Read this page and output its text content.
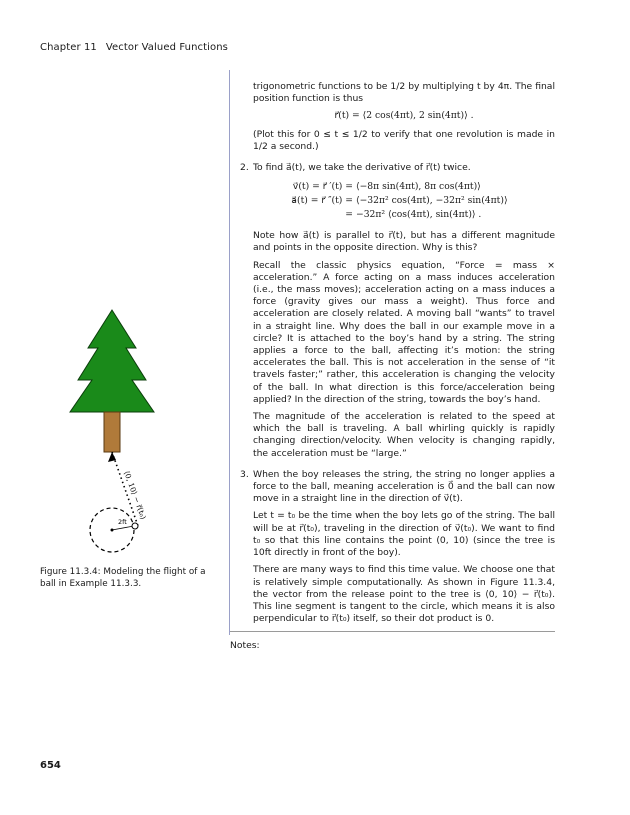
Chapter 11 Vector Valued Functions
⟨0, 10⟩ − r⃗(t₀)
2ft
Figure 11.3.4: Modeling the flight of a ball in Example 11.3.3.

trigonometric functions to be 1/2 by multiplying t by 4π. The final position function is thus

r⃗(t) = ⟨2 cos(4πt), 2 sin(4πt)⟩ .

(Plot this for 0 ≤ t ≤ 1/2 to verify that one revolution is made in 1/2 a second.)

2. To find a⃗(t), we take the derivative of r⃗(t) twice.

v⃗(t) = r⃗ ′(t) = ⟨−8π sin(4πt), 8π cos(4πt)⟩
a⃗(t) = r⃗ ″(t) = ⟨−32π² cos(4πt), −32π² sin(4πt)⟩
= −32π² ⟨cos(4πt), sin(4πt)⟩ .

Note how a⃗(t) is parallel to r⃗(t), but has a different magnitude and points in the opposite direction. Why is this?

Recall the classic physics equation, “Force = mass × acceleration.” A force acting on a mass induces acceleration (i.e., the mass moves); acceleration acting on a mass induces a force (gravity gives our mass a weight). Thus force and acceleration are closely related. A moving ball “wants” to travel in a straight line. Why does the ball in our example move in a circle? It is attached to the boy’s hand by a string. The string applies a force to the ball, affecting it’s motion: the string accelerates the ball. This is not acceleration in the sense of “it travels faster;” rather, this acceleration is changing the velocity of the ball. In what direction is this force/acceleration being applied? In the direction of the string, towards the boy’s hand.

The magnitude of the acceleration is related to the speed at which the ball is traveling. A ball whirling quickly is rapidly changing direction/velocity. When velocity is changing rapidly, the acceleration must be “large.”

3. When the boy releases the string, the string no longer applies a force to the ball, meaning acceleration is 0⃗ and the ball can now move in a straight line in the direction of v⃗(t).

Let t = t₀ be the time when the boy lets go of the string. The ball will be at r⃗(t₀), traveling in the direction of v⃗(t₀). We want to find t₀ so that this line contains the point (0, 10) (since the tree is 10ft directly in front of the boy).

There are many ways to find this time value. We choose one that is relatively simple computationally. As shown in Figure 11.3.4, the vector from the release point to the tree is ⟨0, 10⟩ − r⃗(t₀). This line segment is tangent to the circle, which means it is also perpendicular to r⃗(t₀) itself, so their dot product is 0.

Notes:
654
